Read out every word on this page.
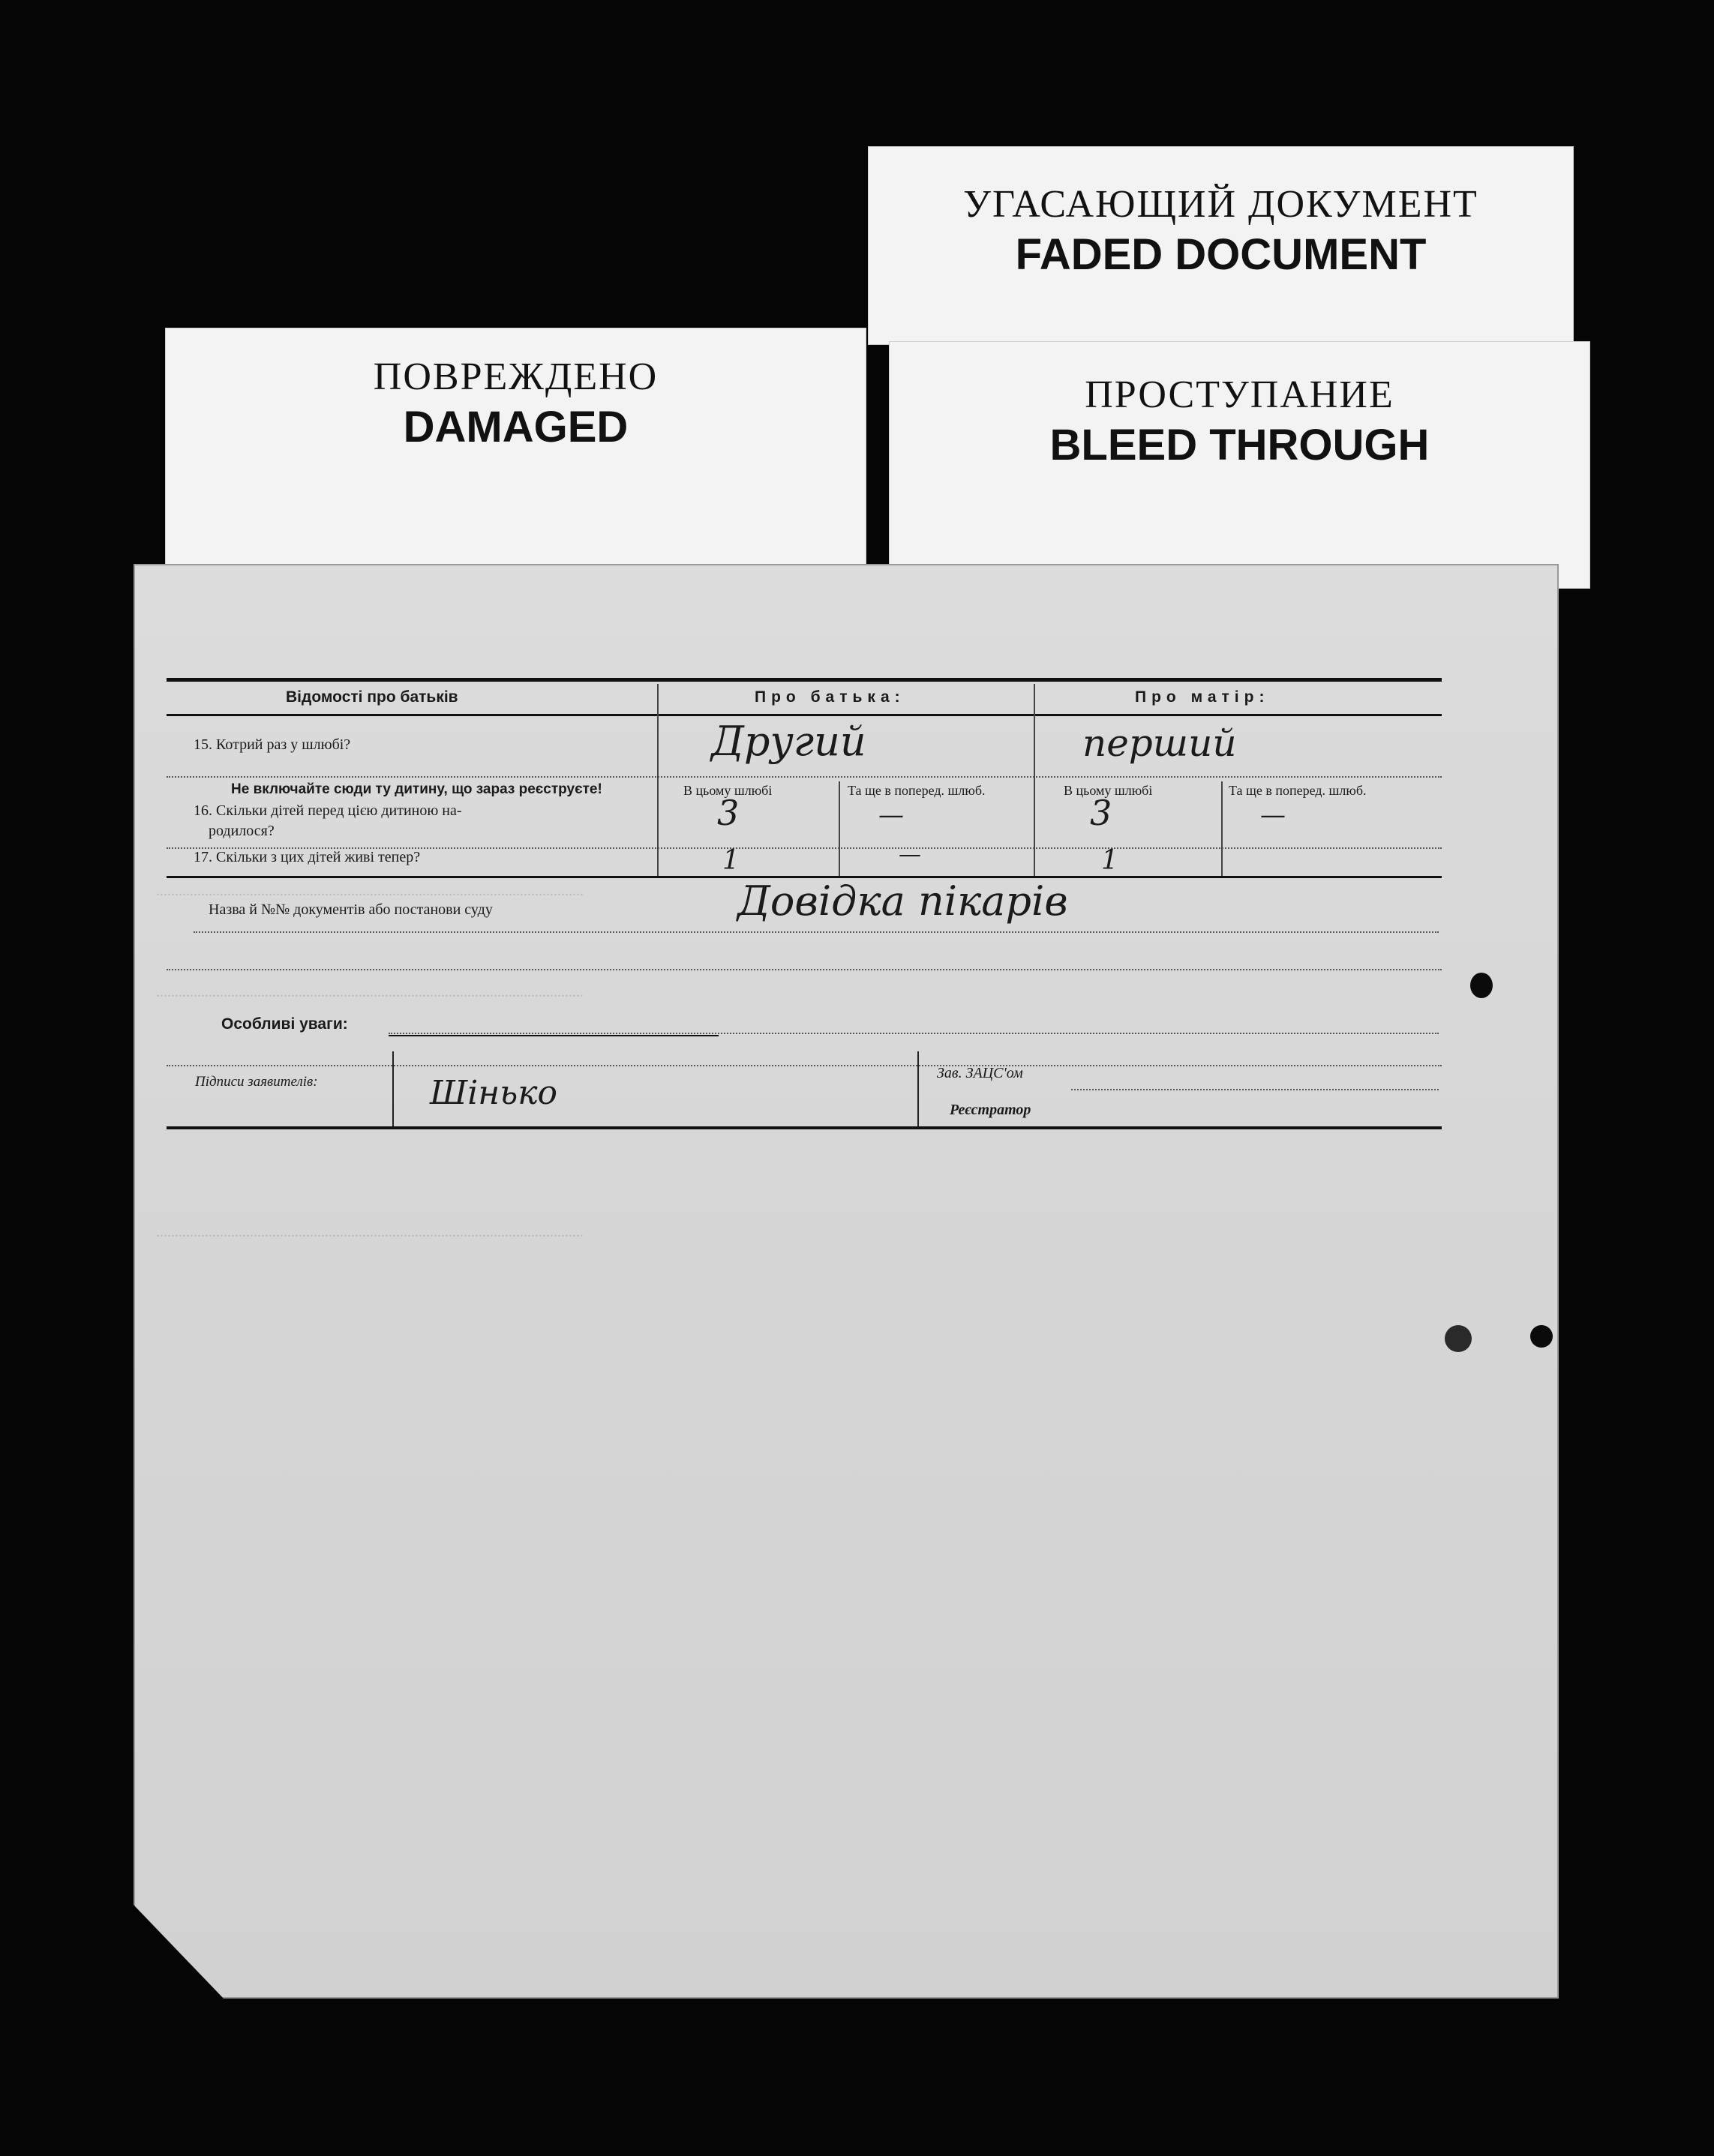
УГАСАЮЩИЙ ДОКУМЕНТ
FADED DOCUMENT
ПОВРЕЖДЕНО
DAMAGED
ПРОСТУПАНИЕ
BLEED THROUGH
..................................................................................................................
..................................................................................................................
..................................................................................................................
Відомості про батьків	Про батька:	Про матір:
15. Котрий раз у шлюбі?	Другий	перший
Не включайте сюди ту дитину, що зараз реєструєте!	В цьому шлюбі	Та ще в поперед. шлюб.	В цьому шлюбі	Та ще в поперед. шлюб.
16. Скільки дітей перед цією дитиною на-
родилося?	3	—	3	—
17. Скільки з цих дітей живі тепер?	1	—	1
Назва й №№ документів або постанови суду	Довідка пікарів
Особливі уваги:
Підписи заявителів:	Шінько
Зав. ЗАЦС'ом
Реєстратор
